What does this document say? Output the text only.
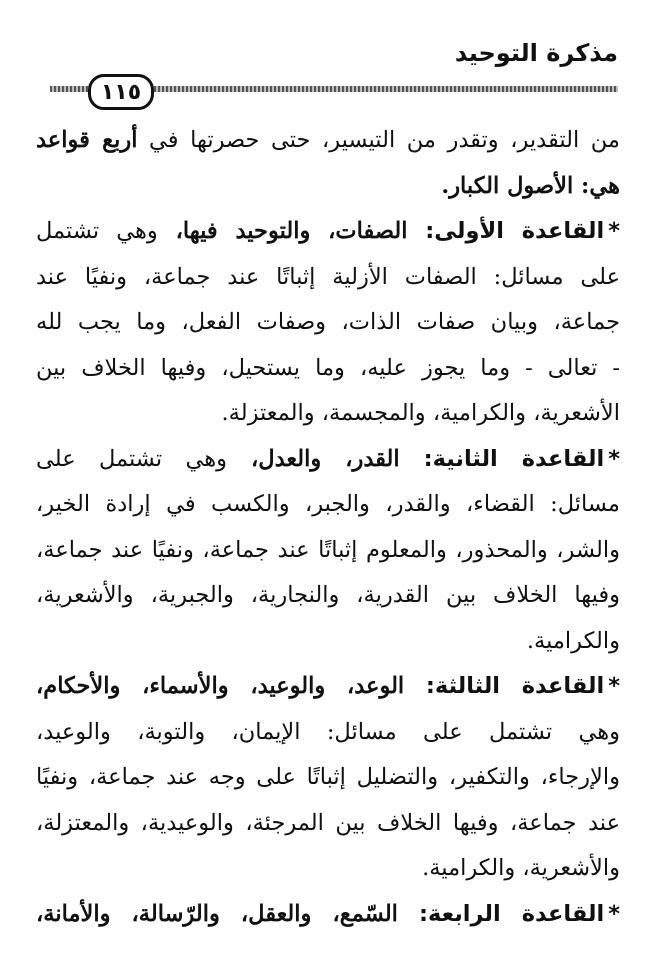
مذكرة التوحيد
١١٥
من التقدير، وتقدر من التيسير، حتى حصرتها في أربع قواعد
هي: الأصول الكبار.
*القاعدة الأولى: الصفات، والتوحيد فيها، وهي تشتمل
على مسائل: الصفات الأزلية إثباتًا عند جماعة، ونفيًا عند
جماعة، وبيان صفات الذات، وصفات الفعل، وما يجب لله
- تعالى - وما يجوز عليه، وما يستحيل، وفيها الخلاف بين
الأشعرية، والكرامية، والمجسمة، والمعتزلة.
*القاعدة الثانية: القدر، والعدل، وهي تشتمل على
مسائل: القضاء، والقدر، والجبر، والكسب في إرادة الخير،
والشر، والمحذور، والمعلوم إثباتًا عند جماعة، ونفيًا عند جماعة،
وفيها الخلاف بين القدرية، والنجارية، والجبرية، والأشعرية،
والكرامية.
*القاعدة الثالثة: الوعد، والوعيد، والأسماء، والأحكام،
وهي تشتمل على مسائل: الإيمان، والتوبة، والوعيد،
والإرجاء، والتكفير، والتضليل إثباتًا على وجه عند جماعة، ونفيًا
عند جماعة، وفيها الخلاف بين المرجئة، والوعيدية، والمعتزلة،
والأشعرية، والكرامية.
*القاعدة الرابعة: السّمع، والعقل، والرّسالة، والأمانة،
